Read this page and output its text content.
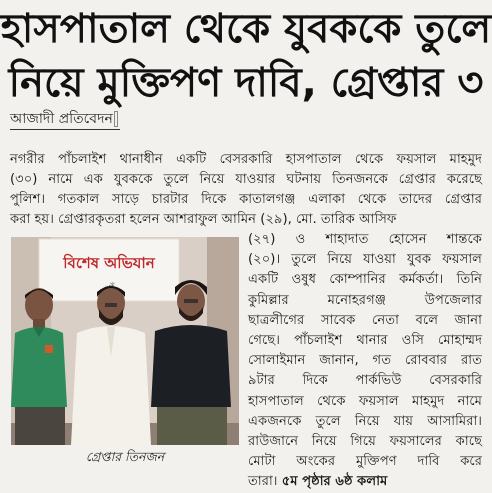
হাসপাতাল থেকে যুবককে তুলে
নিয়ে মুক্তিপণ দাবি, গ্রেপ্তার ৩
আজাদী প্রতিবেদন
নগরীর পাঁচলাইশ থানাধীন একটি বেসরকারি হাসপাতাল থেকে ফয়সাল মাহমুদ
(৩০) নামে এক যুবককে তুলে নিয়ে যাওয়ার ঘটনায় তিনজনকে গ্রেপ্তার করেছে
পুলিশ। গতকাল সাড়ে চারটার দিকে কাতালগঞ্জ এলাকা থেকে তাদের গ্রেপ্তার
করা হয়। গ্রেপ্তারকৃতরা হলেন আশরাফুল আমিন (২৯), মো. তারিক আসিফ
(২৭) ও শাহাদাত হোসেন শান্তকে
(২০)। তুলে নিয়ে যাওয়া যুবক ফয়সাল
একটি ওষুধ কোম্পানির কর্মকর্তা। তিনি
কুমিল্লার মনোহরগঞ্জ উপজেলার
ছাত্রলীগের সাবেক নেতা বলে জানা
গেছে। পাঁচলাইশ থানার ওসি মোহাম্মদ
সোলাইমান জানান, গত রোববার রাত
৯টার দিকে পার্কভিউ বেসরকারি
হাসপাতাল থেকে ফয়সাল মাহমুদ নামে
একজনকে তুলে নিয়ে যায় আসামিরা।
রাউজানে নিয়ে গিয়ে ফয়সালের কাছে
মোটা অংকের মুক্তিপণ দাবি করে
তারা। ৫ম পৃষ্ঠার ৬ষ্ঠ কলাম
বিশেষ অভিযান
গ্রেপ্তার তিনজন
